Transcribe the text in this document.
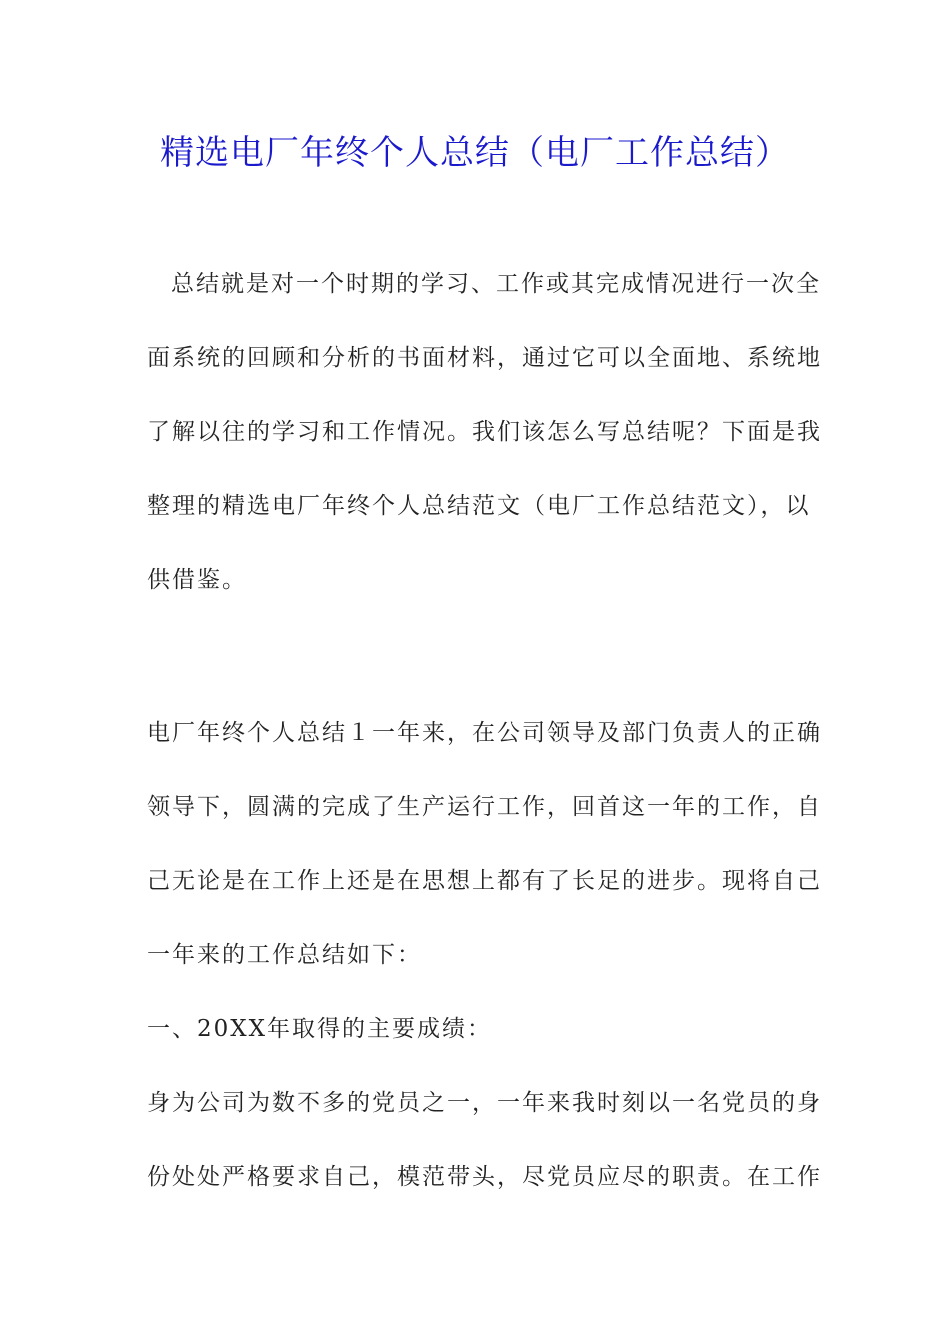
精选电厂年终个人总结（电厂工作总结）
总结就是对一个时期的学习、工作或其完成情况进行一次全
面系统的回顾和分析的书面材料，通过它可以全面地、系统地
了解以往的学习和工作情况。我们该怎么写总结呢？下面是我
整理的精选电厂年终个人总结范文（电厂工作总结范文），以
供借鉴。
电厂年终个人总结１一年来，在公司领导及部门负责人的正确
领导下，圆满的完成了生产运行工作，回首这一年的工作，自
己无论是在工作上还是在思想上都有了长足的进步。现将自己
一年来的工作总结如下：
一、20XX年取得的主要成绩：
身为公司为数不多的党员之一，一年来我时刻以一名党员的身
份处处严格要求自己，模范带头，尽党员应尽的职责。在工作
